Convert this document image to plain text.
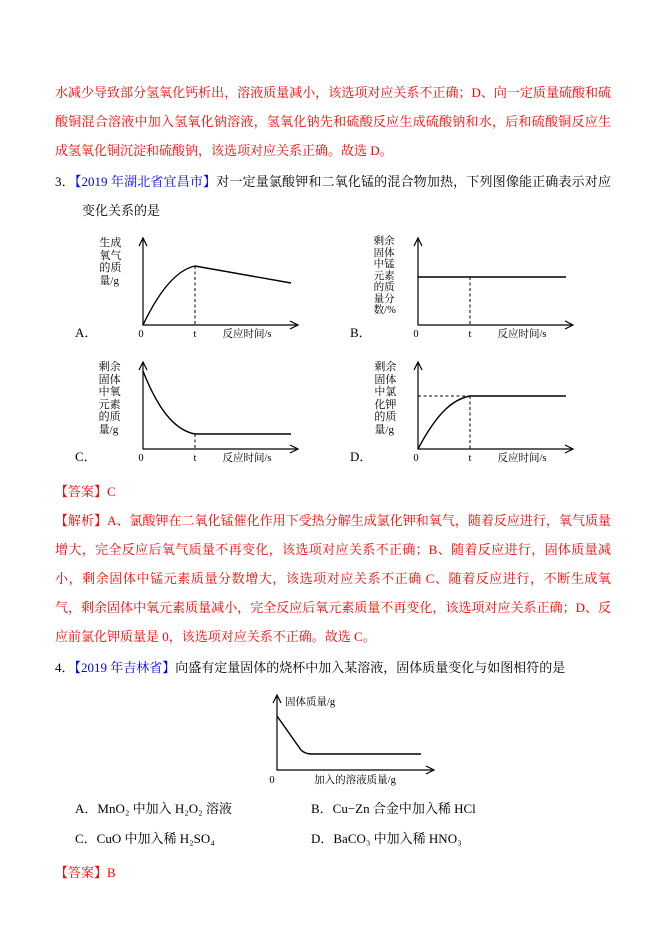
水减少导致部分氢氧化钙析出，溶液质量减小，该选项对应关系不正确；D、向一定质量硫酸和硫酸铜混合溶液中加入氢氧化钠溶液，氢氧化钠先和硫酸反应生成硫酸钠和水，后和硫酸铜反应生成氢氧化铜沉淀和硫酸钠，该选项对应关系正确。故选 D。

3．【2019 年湖北省宜昌市】对一定量氯酸钾和二氧化锰的混合物加热，下列图像能正确表示对应变化关系的是

A．
生成
氧气
的质
量/g
0	t 反应时间/s	B．
剩余
固体
中锰
元素
的质
量分
数/%
0	t 反应时间/s
C．
剩余
固体
中氧
元素
的质
量/g
0	t 反应时间/s	D．
剩余
固体
中氯
化钾
的质
量/g
0	t 反应时间/s

【答案】C

【解析】A、氯酸钾在二氧化锰催化作用下受热分解生成氯化钾和氧气，随着反应进行，氧气质量增大，完全反应后氧气质量不再变化，该选项对应关系不正确；B、随着反应进行，固体质量减小，剩余固体中锰元素质量分数增大，该选项对应关系不正确 C、随着反应进行，不断生成氧气，剩余固体中氧元素质量减小，完全反应后氧元素质量不再变化，该选项对应关系正确；D、反应前氯化钾质量是 0，该选项对应关系不正确。故选 C。

4．【2019 年吉林省】向盛有定量固体的烧杯中加入某溶液，固体质量变化与如图相符的是

固体质量/g
0	加入的溶液质量/g
A．MnO₂ 中加入 H₂O₂ 溶液	B．Cu−Zn 合金中加入稀 HCl
C．CuO 中加入稀 H₂SO₄	D．BaCO₃ 中加入稀 HNO₃

【答案】B
